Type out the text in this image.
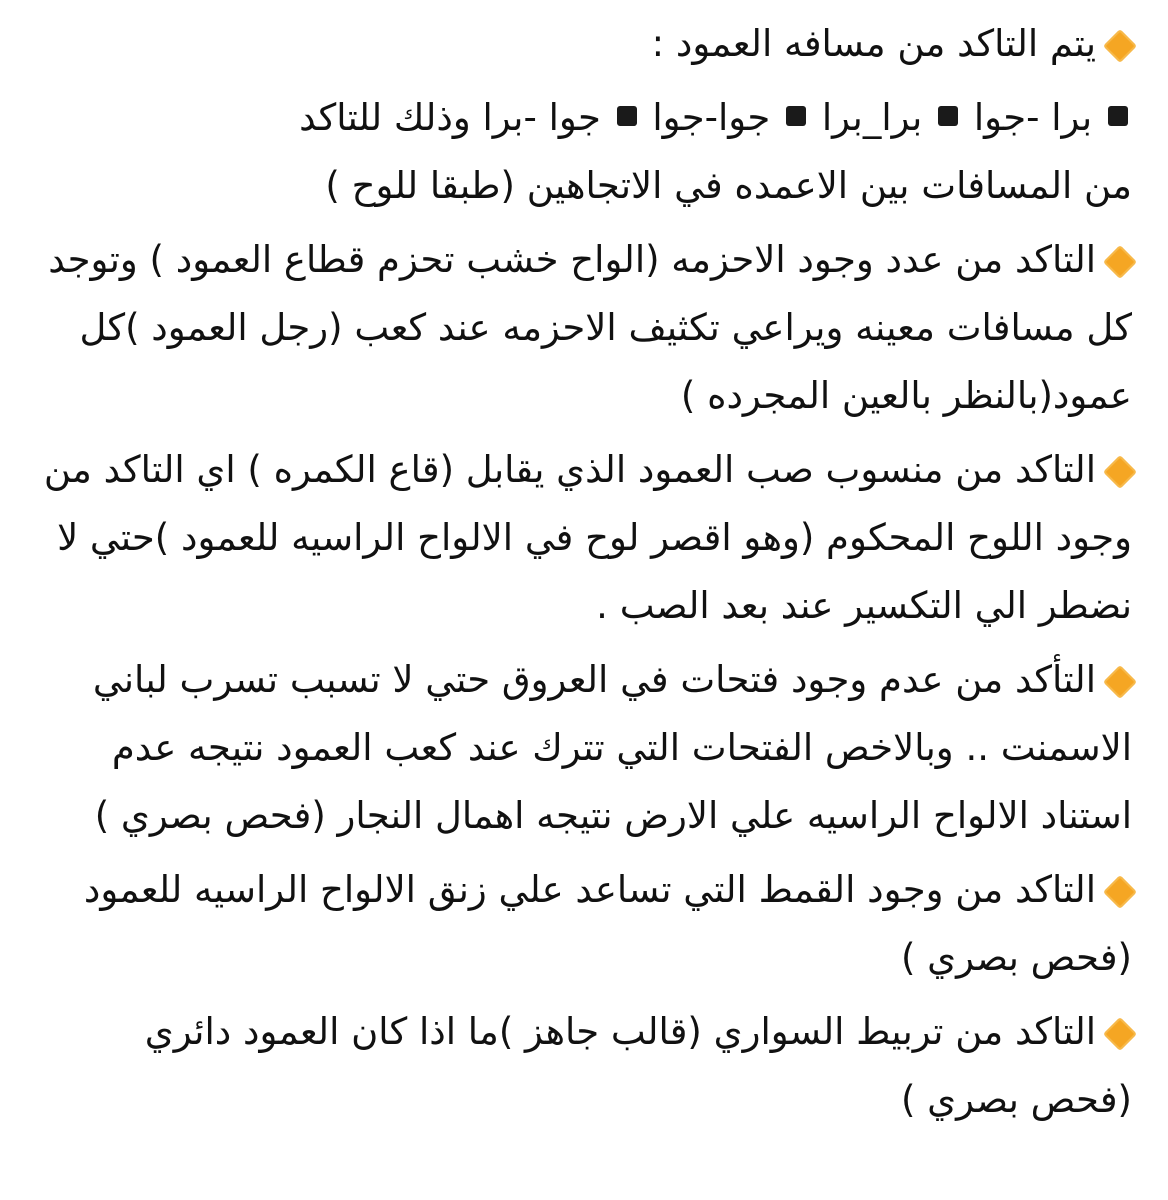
يتم التاكد من مسافه العمود :

برا -جوا  برا_برا  جوا-جوا  جوا -برا وذلك للتاكد
من المسافات بين الاعمده في الاتجاهين (طبقا للوح )

التاكد من عدد وجود الاحزمه (الواح خشب تحزم قطاع العمود ) وتوجد كل مسافات معينه ويراعي تكثيف الاحزمه عند كعب (رجل العمود )كل عمود(بالنظر بالعين المجرده )

التاكد من منسوب صب العمود الذي يقابل (قاع الكمره ) اي التاكد من وجود اللوح المحكوم (وهو اقصر لوح في الالواح الراسيه للعمود )حتي لا نضطر الي التكسير عند بعد الصب .

التأكد من عدم وجود فتحات في العروق حتي لا تسبب تسرب لباني الاسمنت .. وبالاخص الفتحات التي تترك عند كعب العمود نتيجه عدم استناد الالواح الراسيه علي الارض نتيجه اهمال النجار (فحص بصري )

التاكد من وجود القمط التي تساعد علي زنق الالواح الراسيه للعمود (فحص بصري )

التاكد من تربيط السواري (قالب جاهز )ما اذا كان العمود دائري (فحص بصري )
